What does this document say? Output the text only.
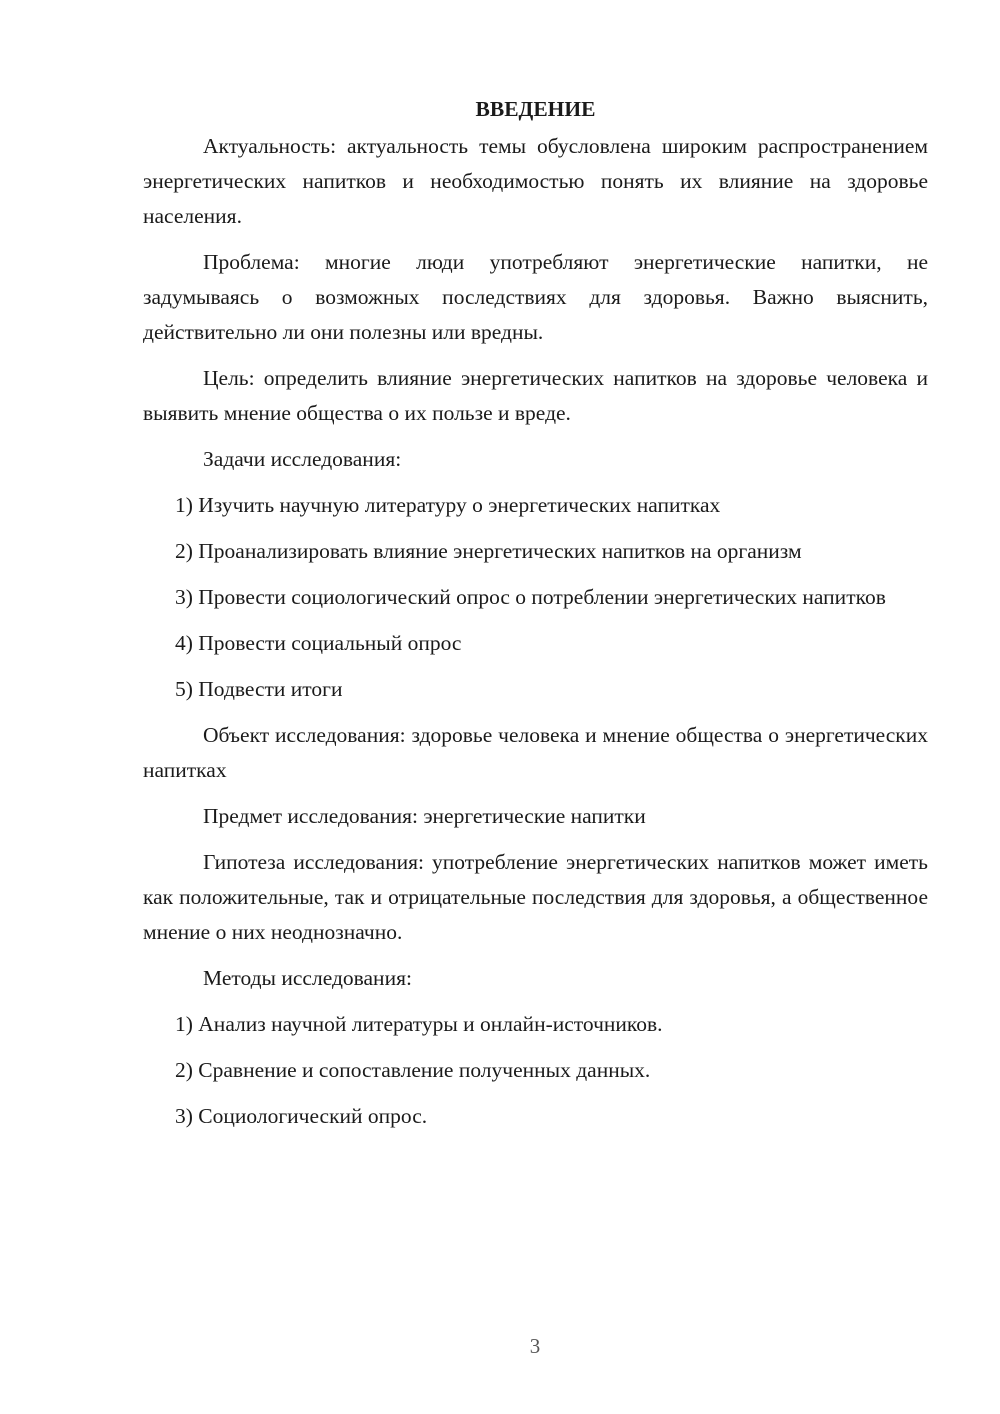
ВВЕДЕНИЕ

Актуальность: актуальность темы обусловлена широким распространением энергетических напитков и необходимостью понять их влияние на здоровье населения.

Проблема: многие люди употребляют энергетические напитки, не задумываясь о возможных последствиях для здоровья. Важно выяснить, действительно ли они полезны или вредны.

Цель: определить влияние энергетических напитков на здоровье человека и выявить мнение общества о их пользе и вреде.

Задачи исследования:

1) Изучить научную литературу о энергетических напитках

2) Проанализировать влияние энергетических напитков на организм

3) Провести социологический опрос о потреблении энергетических напитков

4) Провести социальный опрос

5) Подвести итоги

Объект исследования: здоровье человека и мнение общества о энергетических напитках

Предмет исследования: энергетические напитки

Гипотеза исследования: употребление энергетических напитков может иметь как положительные, так и отрицательные последствия для здоровья, а общественное мнение о них неоднозначно.

Методы исследования:

1) Анализ научной литературы и онлайн-источников.

2) Сравнение и сопоставление полученных данных.

3) Социологический опрос.

3
